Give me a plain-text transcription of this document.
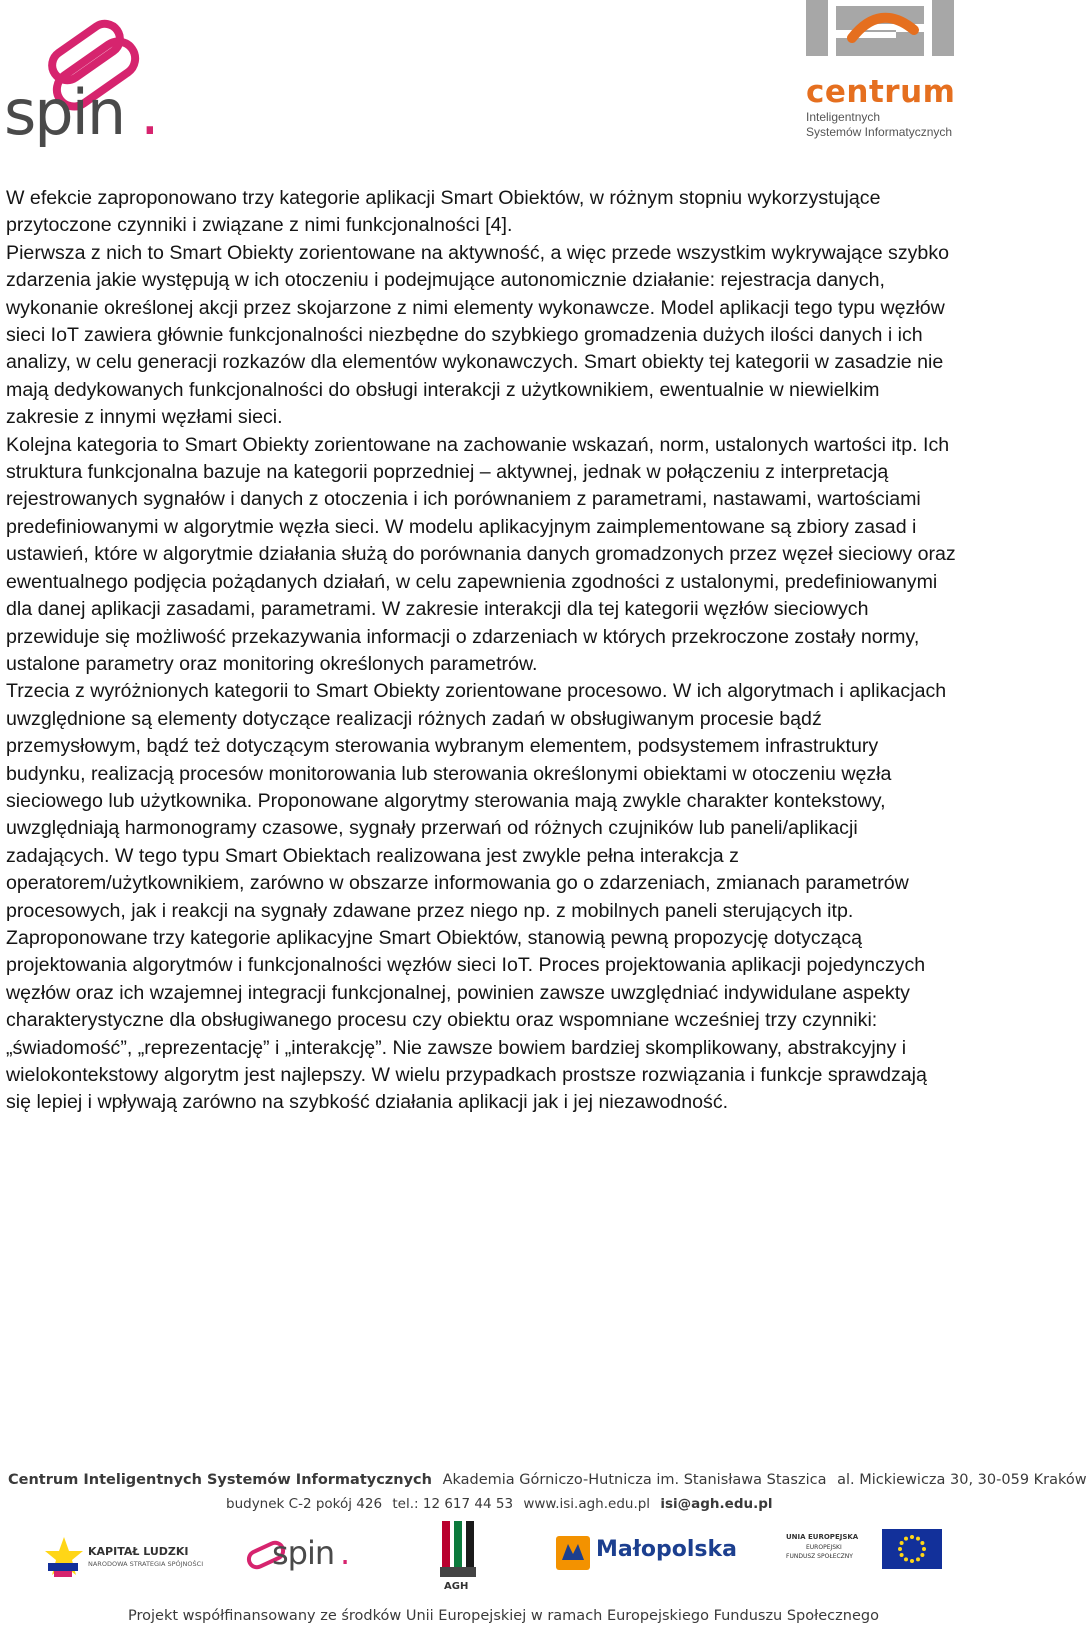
spin .	centrum
Inteligentnych
Systemów Informatycznych

W efekcie zaproponowano trzy kategorie aplikacji Smart Obiektów, w różnym stopniu wykorzystujące przytoczone czynniki i związane z nimi funkcjonalności [4].

Pierwsza z nich to Smart Obiekty zorientowane na aktywność, a więc przede wszystkim wykrywające szybko zdarzenia jakie występują w ich otoczeniu i podejmujące autonomicznie działanie: rejestracja danych, wykonanie określonej akcji przez skojarzone z nimi elementy wykonawcze. Model aplikacji tego typu węzłów sieci IoT zawiera głównie funkcjonalności niezbędne do szybkiego gromadzenia dużych ilości danych i ich analizy, w celu generacji rozkazów dla elementów wykonawczych. Smart obiekty tej kategorii w zasadzie nie mają dedykowanych funkcjonalności do obsługi interakcji z użytkownikiem, ewentualnie w niewielkim zakresie z innymi węzłami sieci.

Kolejna kategoria to Smart Obiekty zorientowane na zachowanie wskazań, norm, ustalonych wartości itp. Ich struktura funkcjonalna bazuje na kategorii poprzedniej – aktywnej, jednak w połączeniu z interpretacją rejestrowanych sygnałów i danych z otoczenia i ich porównaniem z parametrami, nastawami, wartościami predefiniowanymi w algorytmie węzła sieci. W modelu aplikacyjnym zaimplementowane są zbiory zasad i ustawień, które w algorytmie działania służą do porównania danych gromadzonych przez węzeł sieciowy oraz ewentualnego podjęcia pożądanych działań, w celu zapewnienia zgodności z ustalonymi, predefiniowanymi dla danej aplikacji zasadami, parametrami. W zakresie interakcji dla tej kategorii węzłów sieciowych przewiduje się możliwość przekazywania informacji o zdarzeniach w których przekroczone zostały normy, ustalone parametry oraz monitoring określonych parametrów.

Trzecia z wyróżnionych kategorii to Smart Obiekty zorientowane procesowo. W ich algorytmach i aplikacjach uwzględnione są elementy dotyczące realizacji różnych zadań w obsługiwanym procesie bądź przemysłowym, bądź też dotyczącym sterowania wybranym elementem, podsystemem infrastruktury budynku, realizacją procesów monitorowania lub sterowania określonymi obiektami w otoczeniu węzła sieciowego lub użytkownika. Proponowane algorytmy sterowania mają zwykle charakter kontekstowy, uwzględniają harmonogramy czasowe, sygnały przerwań od różnych czujników lub paneli/aplikacji zadających. W tego typu Smart Obiektach realizowana jest zwykle pełna interakcja z operatorem/użytkownikiem, zarówno w obszarze informowania go o zdarzeniach, zmianach parametrów procesowych, jak i reakcji na sygnały zdawane przez niego np. z mobilnych paneli sterujących itp.

Zaproponowane trzy kategorie aplikacyjne Smart Obiektów, stanowią pewną propozycję dotyczącą projektowania algorytmów i funkcjonalności węzłów sieci IoT. Proces projektowania aplikacji pojedynczych węzłów oraz ich wzajemnej integracji funkcjonalnej, powinien zawsze uwzględniać indywidulane aspekty charakterystyczne dla obsługiwanego procesu czy obiektu oraz wspomniane wcześniej trzy czynniki: „świadomość”, „reprezentację” i „interakcję”. Nie zawsze bowiem bardziej skomplikowany, abstrakcyjny i wielokontekstowy algorytm jest najlepszy. W wielu przypadkach prostsze rozwiązania i funkcje sprawdzają się lepiej i wpływają zarówno na szybkość działania aplikacji jak i jej niezawodność.

Centrum Inteligentnych Systemów Informatycznych Akademia Górniczo-Hutnicza im. Stanisława Staszica al. Mickiewicza 30, 30-059 Kraków
budynek C-2 pokój 426 tel.: 12 617 44 53 www.isi.agh.edu.pl isi@agh.edu.pl
KAPITAŁ LUDZKI
NARODOWA STRATEGIA SPÓJNOŚCI spin .
AGH
Małopolska	UNIA EUROPEJSKA
EUROPEJSKI
FUNDUSZ SPOŁECZNY
Projekt współfinansowany ze środków Unii Europejskiej w ramach Europejskiego Funduszu Społecznego
